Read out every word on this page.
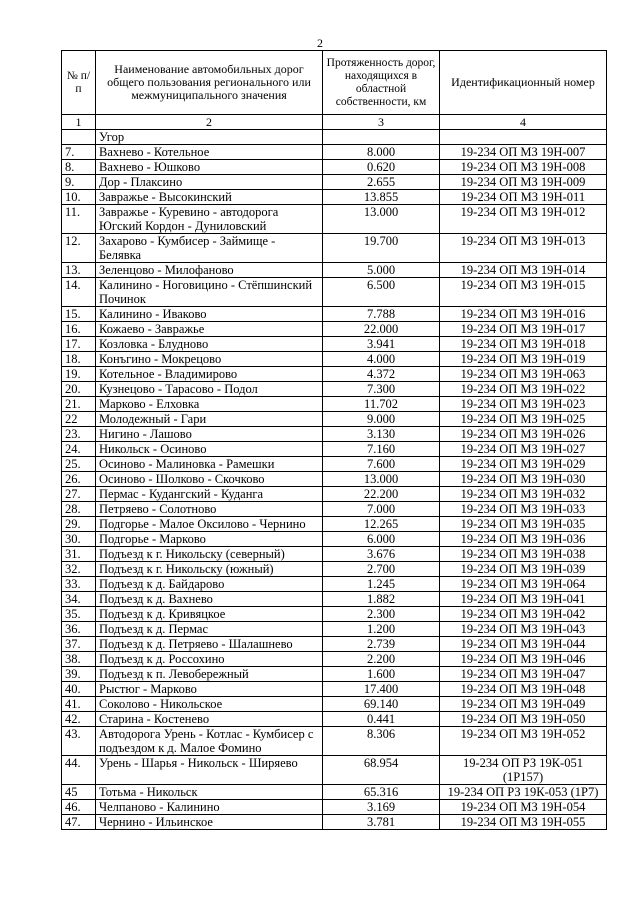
2
№ п/п	Наименование автомобильных дорог общего пользования регионального или межмуниципального значения	Протяженность дорог, находящихся в областной собственности, км	Идентификационный номер
1	2	3	4
	Угор		
7.	Вахнево - Котельное	8.000	19-234 ОП МЗ 19Н-007
8.	Вахнево - Юшково	0.620	19-234 ОП МЗ 19Н-008
9.	Дор - Плаксино	2.655	19-234 ОП МЗ 19Н-009
10.	Завражье - Высокинский	13.855	19-234 ОП МЗ 19Н-011
11.	Завражье - Куревино - автодорога Югский Кордон - Дуниловский	13.000	19-234 ОП МЗ 19Н-012
12.	Захарово - Кумбисер - Займище - Белявка	19.700	19-234 ОП МЗ 19Н-013
13.	Зеленцово - Милофаново	5.000	19-234 ОП МЗ 19Н-014
14.	Калинино - Ноговицино - Стёпшинский Починок	6.500	19-234 ОП МЗ 19Н-015
15.	Калинино - Иваково	7.788	19-234 ОП МЗ 19Н-016
16.	Кожаево - Завражье	22.000	19-234 ОП МЗ 19Н-017
17.	Козловка - Блудново	3.941	19-234 ОП МЗ 19Н-018
18.	Конъгино - Мокрецово	4.000	19-234 ОП МЗ 19Н-019
19.	Котельное - Владимирово	4.372	19-234 ОП МЗ 19Н-063
20.	Кузнецово - Тарасово - Подол	7.300	19-234 ОП МЗ 19Н-022
21.	Марково - Елховка	11.702	19-234 ОП МЗ 19Н-023
22	Молодежный - Гари	9.000	19-234 ОП МЗ 19Н-025
23.	Нигино - Лашово	3.130	19-234 ОП МЗ 19Н-026
24.	Никольск - Осиново	7.160	19-234 ОП МЗ 19Н-027
25.	Осиново - Малиновка - Рамешки	7.600	19-234 ОП МЗ 19Н-029
26.	Осиново - Шолково - Скочково	13.000	19-234 ОП МЗ 19Н-030
27.	Пермас - Кудангский - Куданга	22.200	19-234 ОП МЗ 19Н-032
28.	Петряево - Солотново	7.000	19-234 ОП МЗ 19Н-033
29.	Подгорье - Малое Оксилово - Чернино	12.265	19-234 ОП МЗ 19Н-035
30.	Подгорье - Марково	6.000	19-234 ОП МЗ 19Н-036
31.	Подъезд к г. Никольску (северный)	3.676	19-234 ОП МЗ 19Н-038
32.	Подъезд к г. Никольску (южный)	2.700	19-234 ОП МЗ 19Н-039
33.	Подъезд к д. Байдарово	1.245	19-234 ОП МЗ 19Н-064
34.	Подъезд к д. Вахнево	1.882	19-234 ОП МЗ 19Н-041
35.	Подъезд к д. Кривяцкое	2.300	19-234 ОП МЗ 19Н-042
36.	Подъезд к д. Пермас	1.200	19-234 ОП МЗ 19Н-043
37.	Подъезд к д. Петряево - Шалашнево	2.739	19-234 ОП МЗ 19Н-044
38.	Подъезд к д. Россохино	2.200	19-234 ОП МЗ 19Н-046
39.	Подъезд к п. Левобережный	1.600	19-234 ОП МЗ 19Н-047
40.	Рыстюг - Марково	17.400	19-234 ОП МЗ 19Н-048
41.	Соколово - Никольское	69.140	19-234 ОП МЗ 19Н-049
42.	Старина - Костенево	0.441	19-234 ОП МЗ 19Н-050
43.	Автодорога Урень - Котлас - Кумбисер с подъездом к д. Малое Фомино	8.306	19-234 ОП МЗ 19Н-052
44.	Урень - Шарья - Никольск - Ширяево	68.954	19-234 ОП РЗ 19К-051 (1Р157)
45	Тотьма - Никольск	65.316	19-234 ОП РЗ 19К-053 (1Р7)
46.	Челпаново - Калинино	3.169	19-234 ОП МЗ 19Н-054
47.	Чернино - Ильинское	3.781	19-234 ОП МЗ 19Н-055
